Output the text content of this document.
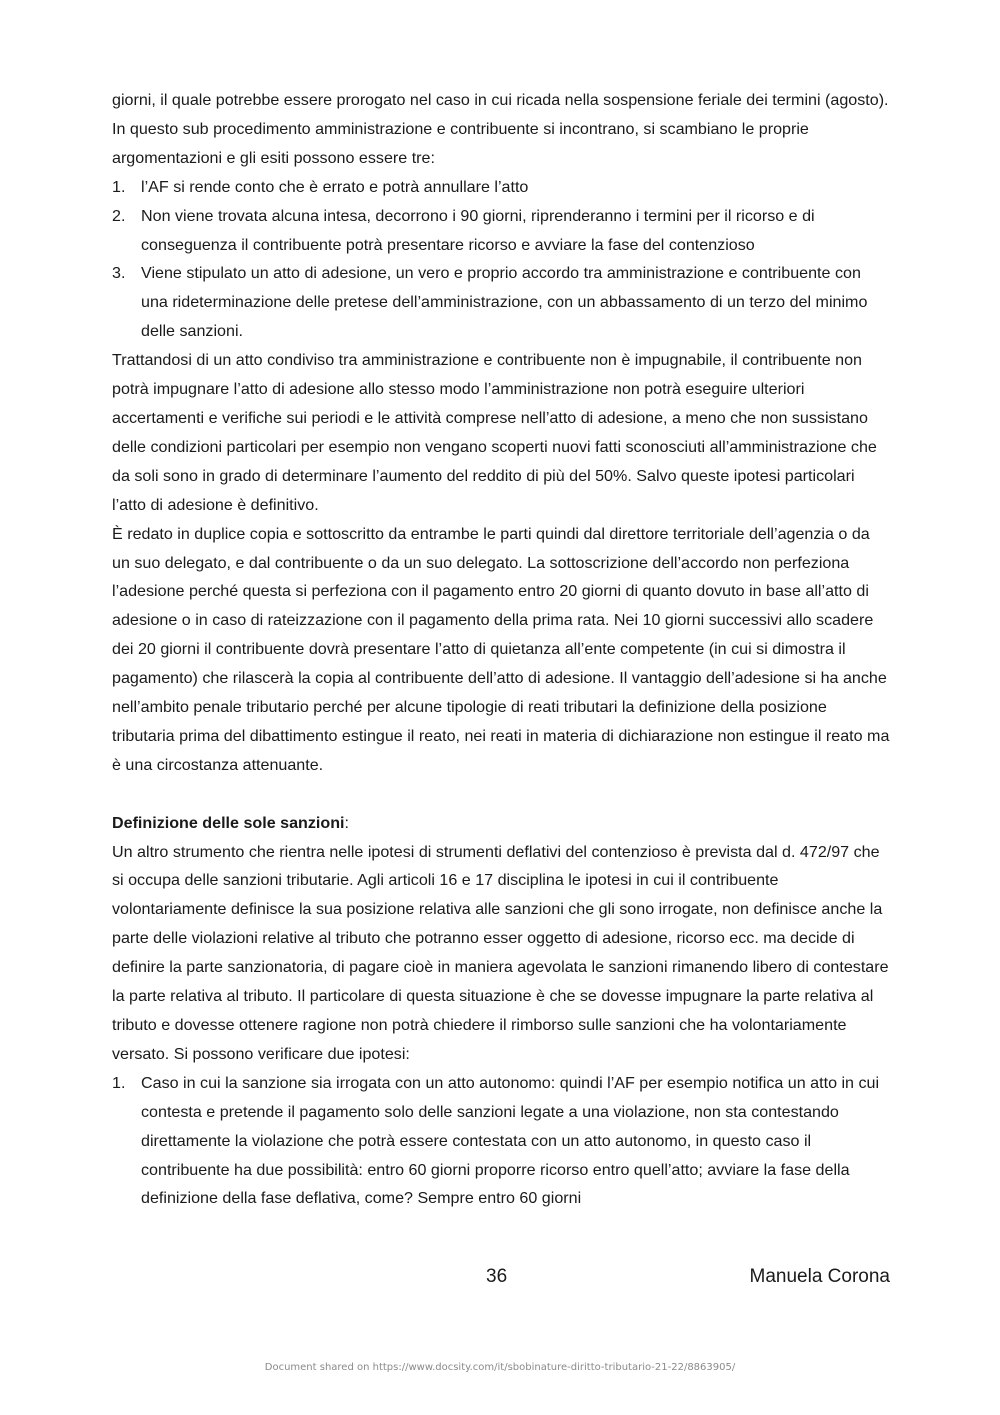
giorni, il quale potrebbe essere prorogato nel caso in cui ricada nella sospensione feriale dei termini (agosto). In questo sub procedimento amministrazione e contribuente si incontrano, si scambiano le proprie argomentazioni e gli esiti possono essere tre:

1. l’AF si rende conto che è errato e potrà annullare l’atto
2. Non viene trovata alcuna intesa, decorrono i 90 giorni, riprenderanno i termini per il ricorso e di conseguenza il contribuente potrà presentare ricorso e avviare la fase del contenzioso
3. Viene stipulato un atto di adesione, un vero e proprio accordo tra amministrazione e contribuente con una rideterminazione delle pretese dell’amministrazione, con un abbassamento di un terzo del minimo delle sanzioni.

Trattandosi di un atto condiviso tra amministrazione e contribuente non è impugnabile, il contribuente non potrà impugnare l’atto di adesione allo stesso modo l’amministrazione non potrà eseguire ulteriori accertamenti e verifiche sui periodi e le attività comprese nell’atto di adesione, a meno che non sussistano delle condizioni particolari per esempio non vengano scoperti nuovi fatti sconosciuti all’amministrazione che da soli sono in grado di determinare l’aumento del reddito di più del 50%. Salvo queste ipotesi particolari l’atto di adesione è definitivo.

È redato in duplice copia e sottoscritto da entrambe le parti quindi dal direttore territoriale dell’agenzia o da un suo delegato, e dal contribuente o da un suo delegato. La sottoscrizione dell’accordo non perfeziona l’adesione perché questa si perfeziona con il pagamento entro 20 giorni di quanto dovuto in base all’atto di adesione o in caso di rateizzazione con il pagamento della prima rata. Nei 10 giorni successivi allo scadere dei 20 giorni il contribuente dovrà presentare l’atto di quietanza all’ente competente (in cui si dimostra il pagamento) che rilascerà la copia al contribuente dell’atto di adesione. Il vantaggio dell’adesione si ha anche nell’ambito penale tributario perché per alcune tipologie di reati tributari la definizione della posizione tributaria prima del dibattimento estingue il reato, nei reati in materia di dichiarazione non estingue il reato ma è una circostanza attenuante.

Definizione delle sole sanzioni:

Un altro strumento che rientra nelle ipotesi di strumenti deflativi del contenzioso è prevista dal d. 472/97 che si occupa delle sanzioni tributarie. Agli articoli 16 e 17 disciplina le ipotesi in cui il contribuente volontariamente definisce la sua posizione relativa alle sanzioni che gli sono irrogate, non definisce anche la parte delle violazioni relative al tributo che potranno esser oggetto di adesione, ricorso ecc. ma decide di definire la parte sanzionatoria, di pagare cioè in maniera agevolata le sanzioni rimanendo libero di contestare la parte relativa al tributo. Il particolare di questa situazione è che se dovesse impugnare la parte relativa al tributo e dovesse ottenere ragione non potrà chiedere il rimborso sulle sanzioni che ha volontariamente versato. Si possono verificare due ipotesi:

1. Caso in cui la sanzione sia irrogata con un atto autonomo: quindi l’AF per esempio notifica un atto in cui contesta e pretende il pagamento solo delle sanzioni legate a una violazione, non sta contestando direttamente la violazione che potrà essere contestata con un atto autonomo, in questo caso il contribuente ha due possibilità: entro 60 giorni proporre ricorso entro quell’atto; avviare la fase della definizione della fase deflativa, come? Sempre entro 60 giorni
36	Manuela Corona
Document shared on https://www.docsity.com/it/sbobinature-diritto-tributario-21-22/8863905/
